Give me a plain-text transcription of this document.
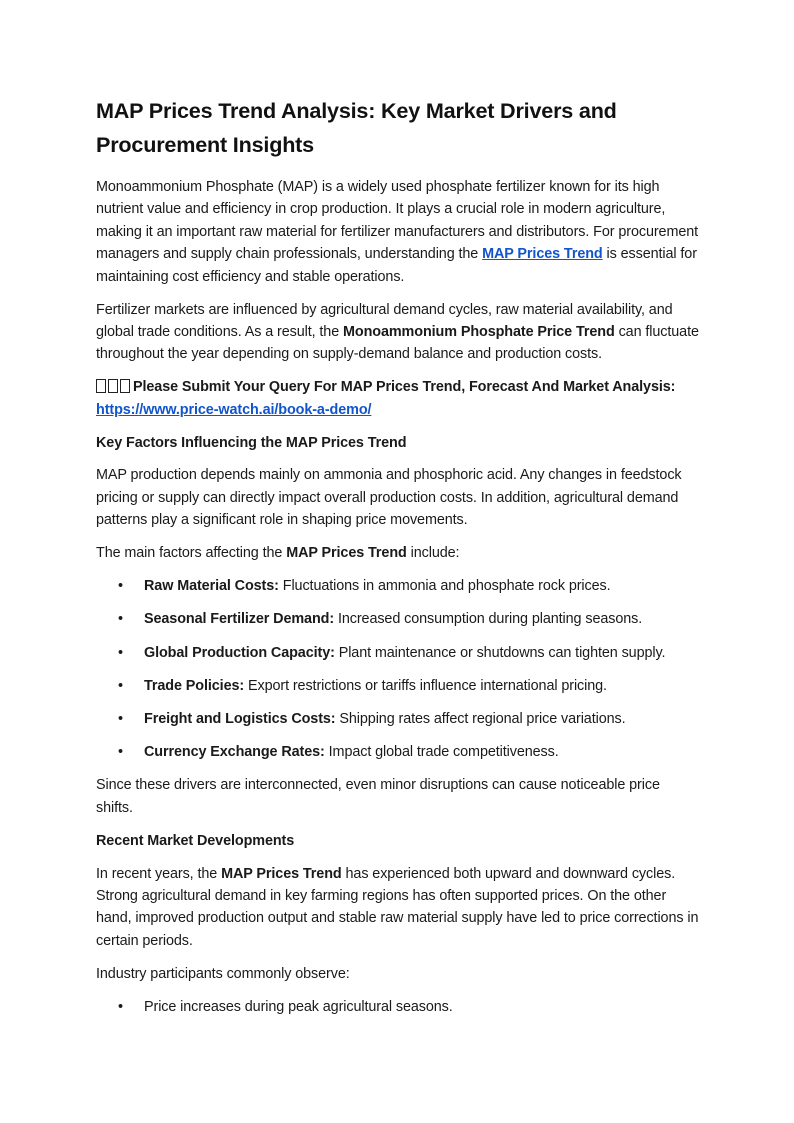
MAP Prices Trend Analysis: Key Market Drivers and Procurement Insights

Monoammonium Phosphate (MAP) is a widely used phosphate fertilizer known for its high nutrient value and efficiency in crop production. It plays a crucial role in modern agriculture, making it an important raw material for fertilizer manufacturers and distributors. For procurement managers and supply chain professionals, understanding the MAP Prices Trend is essential for maintaining cost efficiency and stable operations.

Fertilizer markets are influenced by agricultural demand cycles, raw material availability, and global trade conditions. As a result, the Monoammonium Phosphate Price Trend can fluctuate throughout the year depending on supply-demand balance and production costs.

Please Submit Your Query For MAP Prices Trend, Forecast And Market Analysis:
https://www.price-watch.ai/book-a-demo/

Key Factors Influencing the MAP Prices Trend

MAP production depends mainly on ammonia and phosphoric acid. Any changes in feedstock pricing or supply can directly impact overall production costs. In addition, agricultural demand patterns play a significant role in shaping price movements.

The main factors affecting the MAP Prices Trend include:

• Raw Material Costs: Fluctuations in ammonia and phosphate rock prices.
• Seasonal Fertilizer Demand: Increased consumption during planting seasons.
• Global Production Capacity: Plant maintenance or shutdowns can tighten supply.
• Trade Policies: Export restrictions or tariffs influence international pricing.
• Freight and Logistics Costs: Shipping rates affect regional price variations.
• Currency Exchange Rates: Impact global trade competitiveness.

Since these drivers are interconnected, even minor disruptions can cause noticeable price shifts.

Recent Market Developments

In recent years, the MAP Prices Trend has experienced both upward and downward cycles. Strong agricultural demand in key farming regions has often supported prices. On the other hand, improved production output and stable raw material supply have led to price corrections in certain periods.

Industry participants commonly observe:

• Price increases during peak agricultural seasons.
